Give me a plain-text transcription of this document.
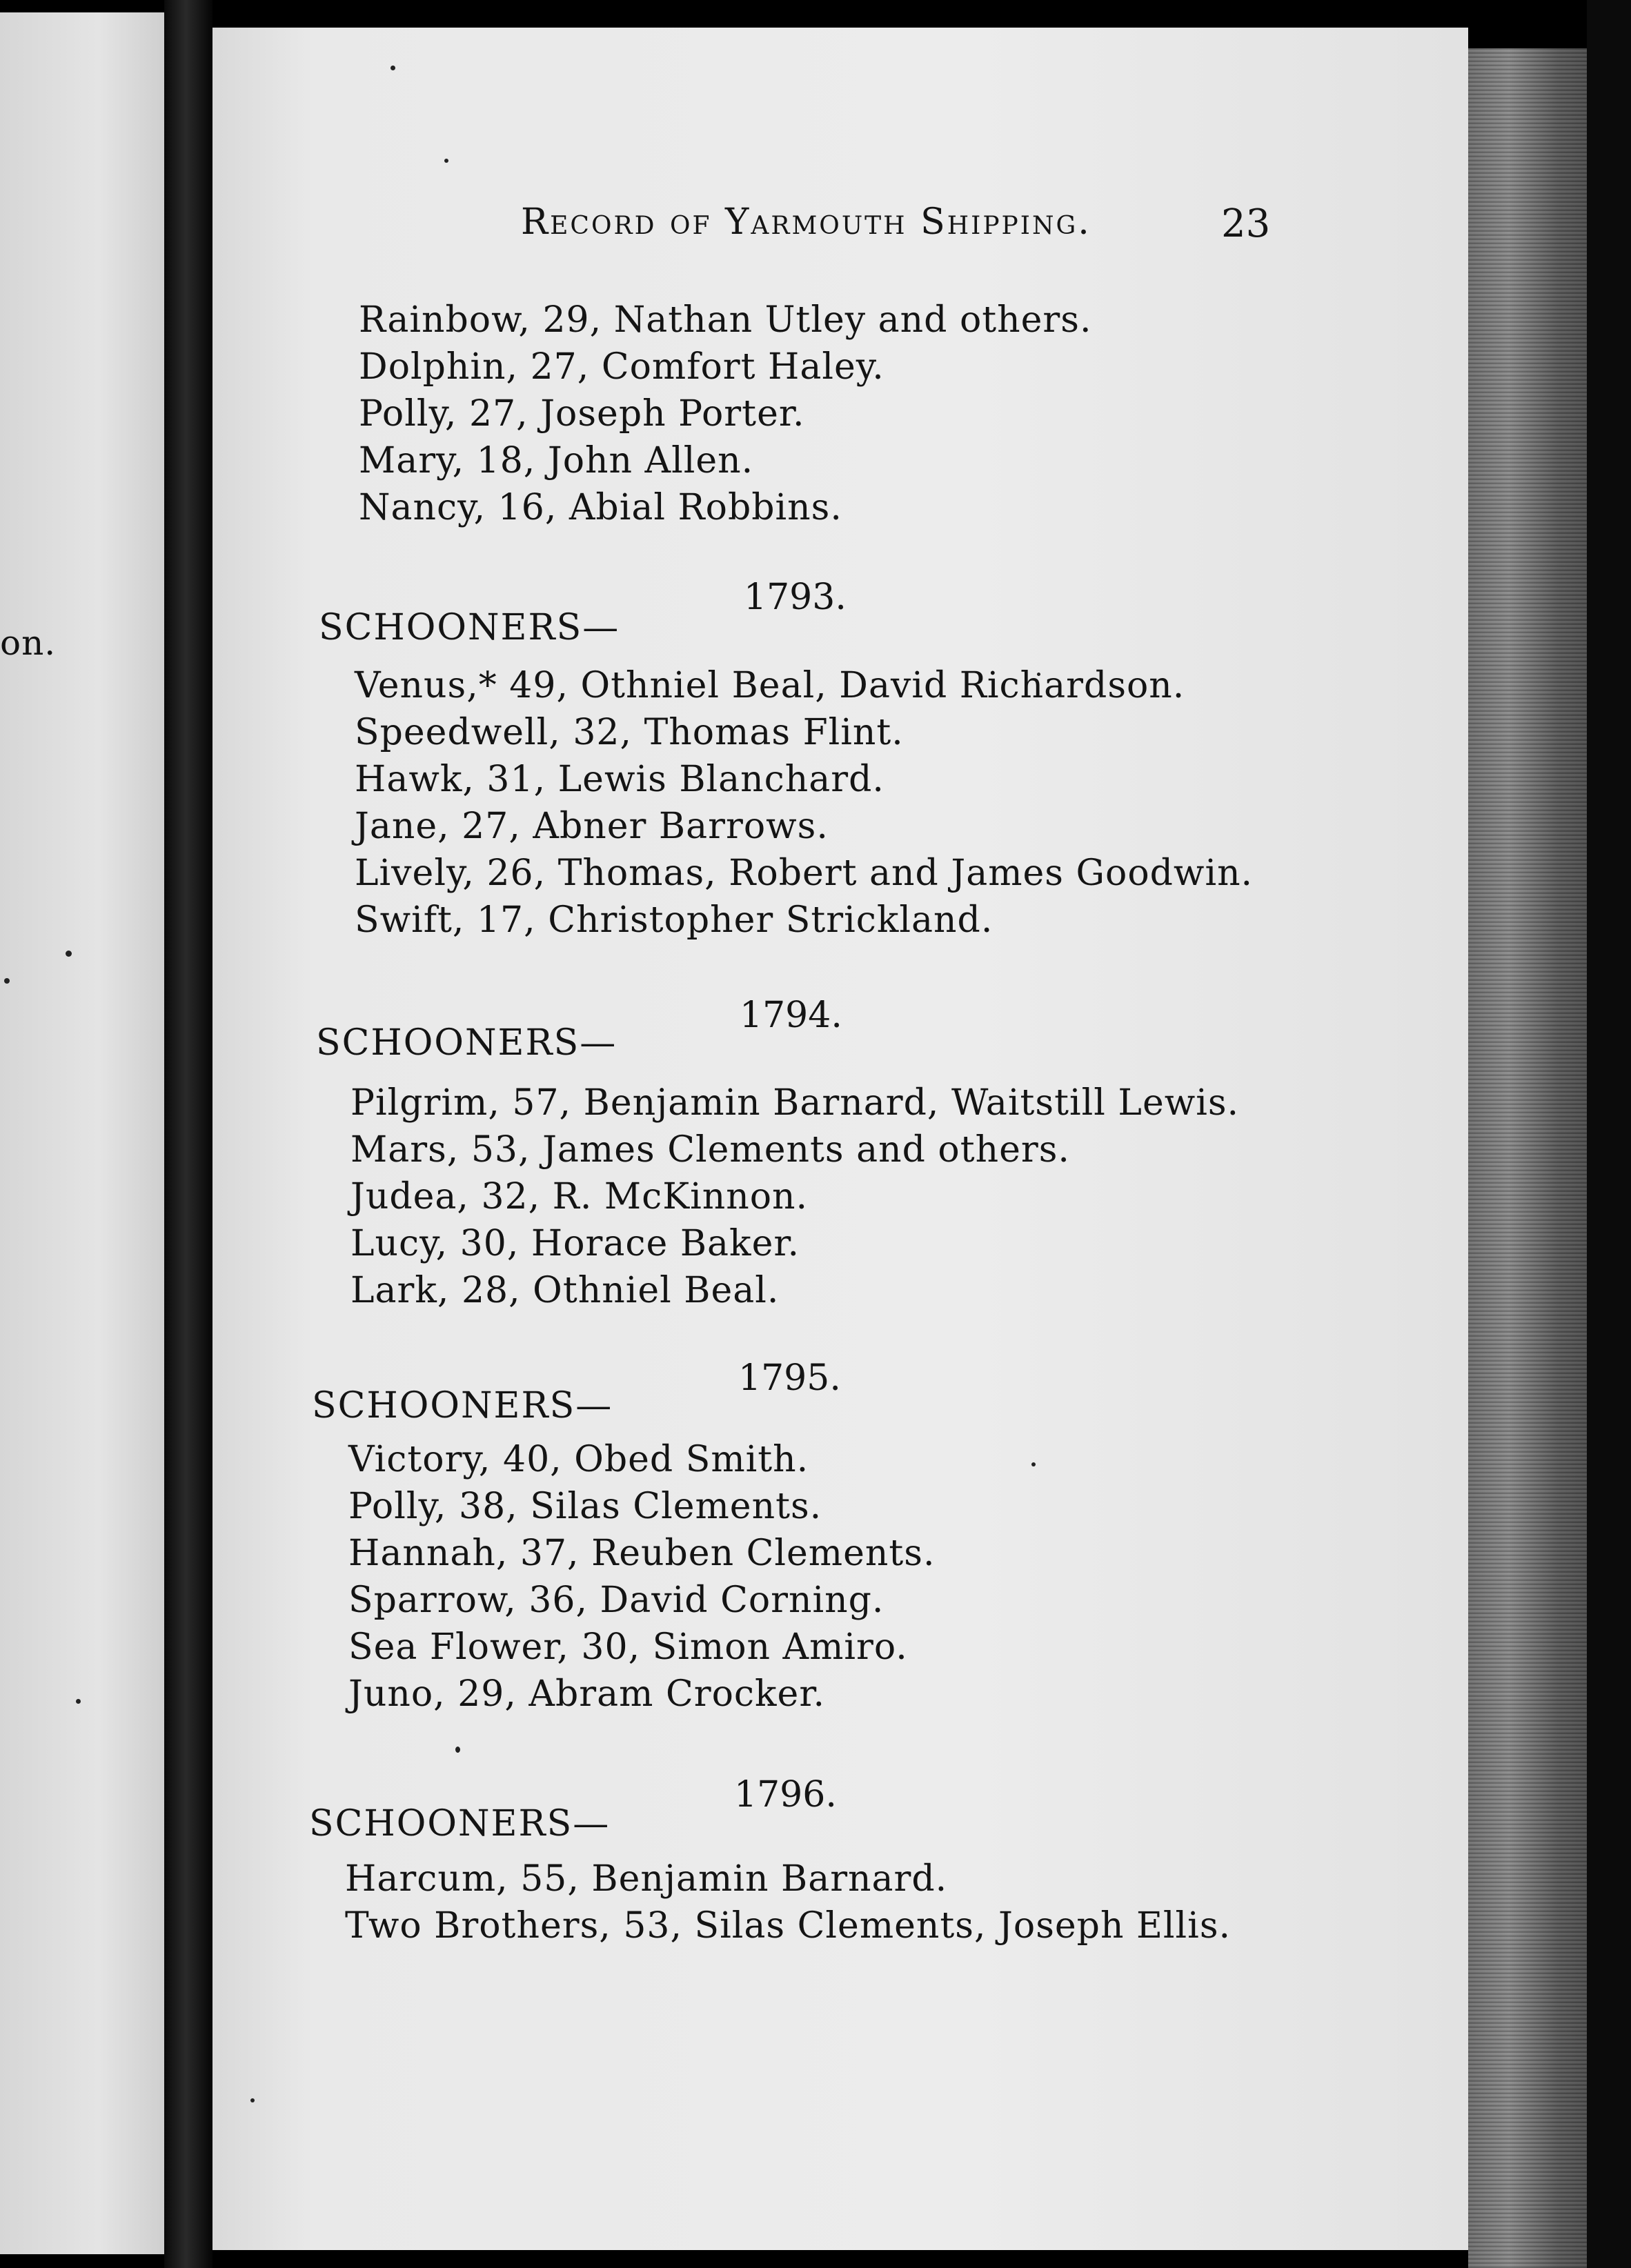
on.
Record of Yarmouth Shipping.	23
Rainbow, 29, Nathan Utley and others.
Dolphin, 27, Comfort Haley.
Polly, 27, Joseph Porter.
Mary, 18, John Allen.
Nancy, 16, Abial Robbins.
1793.
SCHOONERS—
Venus,* 49, Othniel Beal, David Richardson.
Speedwell, 32, Thomas Flint.
Hawk, 31, Lewis Blanchard.
Jane, 27, Abner Barrows.
Lively, 26, Thomas, Robert and James Goodwin.
Swift, 17, Christopher Strickland.
1794.
SCHOONERS—
Pilgrim, 57, Benjamin Barnard, Waitstill Lewis.
Mars, 53, James Clements and others.
Judea, 32, R. McKinnon.
Lucy, 30, Horace Baker.
Lark, 28, Othniel Beal.
1795.
SCHOONERS—
Victory, 40, Obed Smith.
Polly, 38, Silas Clements.
Hannah, 37, Reuben Clements.
Sparrow, 36, David Corning.
Sea Flower, 30, Simon Amiro.
Juno, 29, Abram Crocker.
1796.
SCHOONERS—
Harcum, 55, Benjamin Barnard.
Two Brothers, 53, Silas Clements, Joseph Ellis.
